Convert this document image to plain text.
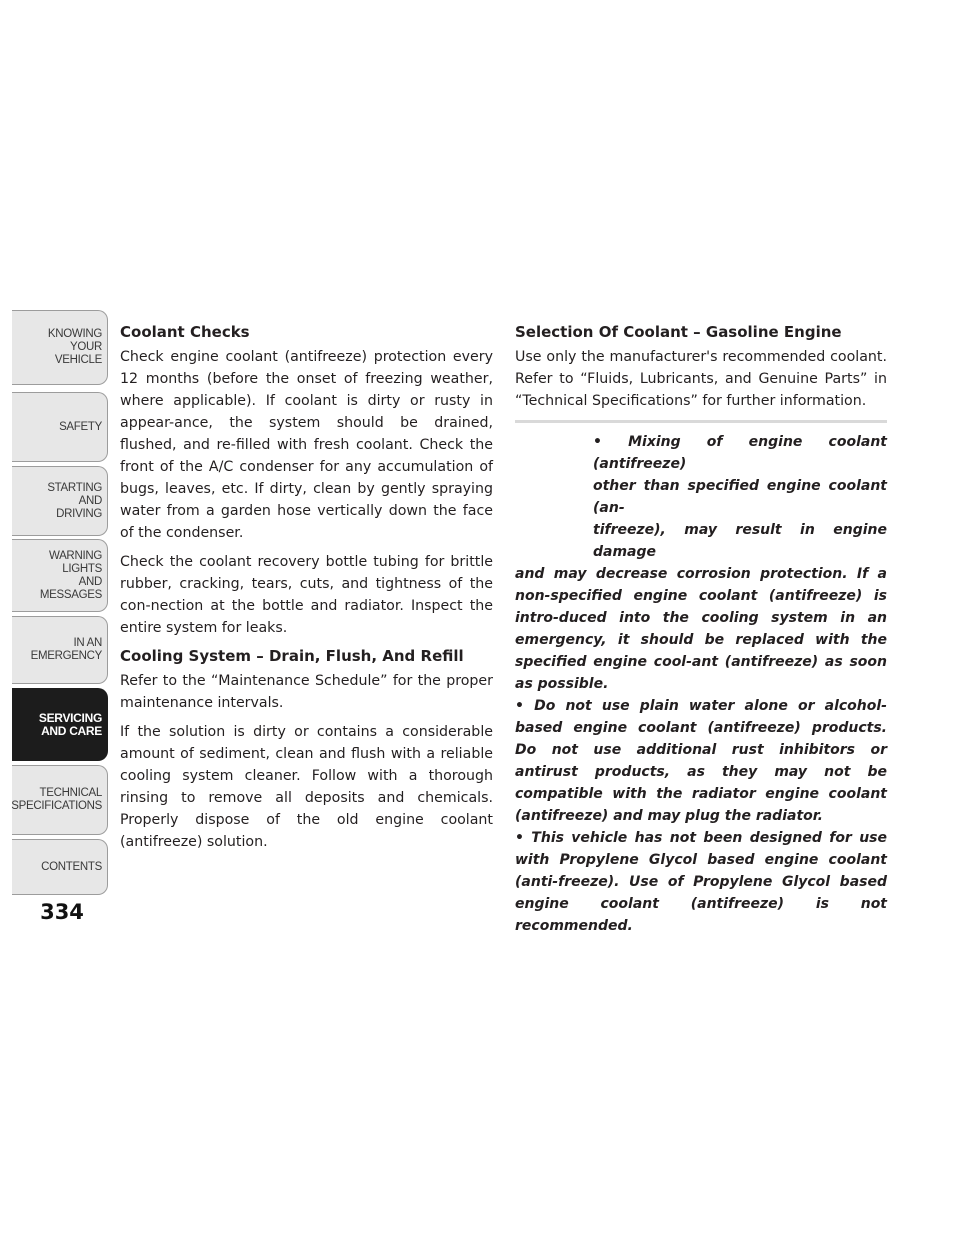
KNOWING
YOUR
VEHICLE
SAFETY
STARTING
AND
DRIVING
WARNING
LIGHTS
AND
MESSAGES
IN AN
EMERGENCY
SERVICING
AND CARE
TECHNICAL
SPECIFICATIONS
CONTENTS
334
Coolant Checks

Check engine coolant (antifreeze) protection every 12 months (before the onset of freezing weather, where applicable). If coolant is dirty or rusty in appear-ance, the system should be drained, flushed, and re-filled with fresh coolant. Check the front of the A/C condenser for any accumulation of bugs, leaves, etc. If dirty, clean by gently spraying water from a garden hose vertically down the face of the condenser.

Check the coolant recovery bottle tubing for brittle rubber, cracking, tears, cuts, and tightness of the con-nection at the bottle and radiator. Inspect the entire system for leaks.

Cooling System – Drain, Flush, And Refill

Refer to the “Maintenance Schedule” for the proper maintenance intervals.

If the solution is dirty or contains a considerable amount of sediment, clean and flush with a reliable cooling system cleaner. Follow with a thorough rinsing to remove all deposits and chemicals. Properly dispose of the old engine coolant (antifreeze) solution.

Selection Of Coolant – Gasoline Engine

Use only the manufacturer's recommended coolant. Refer to “Fluids, Lubricants, and Genuine Parts” in “Technical Specifications” for further information.

• Mixing of engine coolant (antifreeze)
other than specified engine coolant (an-
tifreeze), may result in engine damage
and may decrease corrosion protection. If a non-specified engine coolant (antifreeze) is intro-duced into the cooling system in an emergency, it should be replaced with the specified engine cool-ant (antifreeze) as soon as possible.
• Do not use plain water alone or alcohol-based engine coolant (antifreeze) products. Do not use additional rust inhibitors or antirust products, as they may not be compatible with the radiator engine coolant (antifreeze) and may plug the radiator.
• This vehicle has not been designed for use with Propylene Glycol based engine coolant (anti-freeze). Use of Propylene Glycol based engine coolant (antifreeze) is not recommended.
